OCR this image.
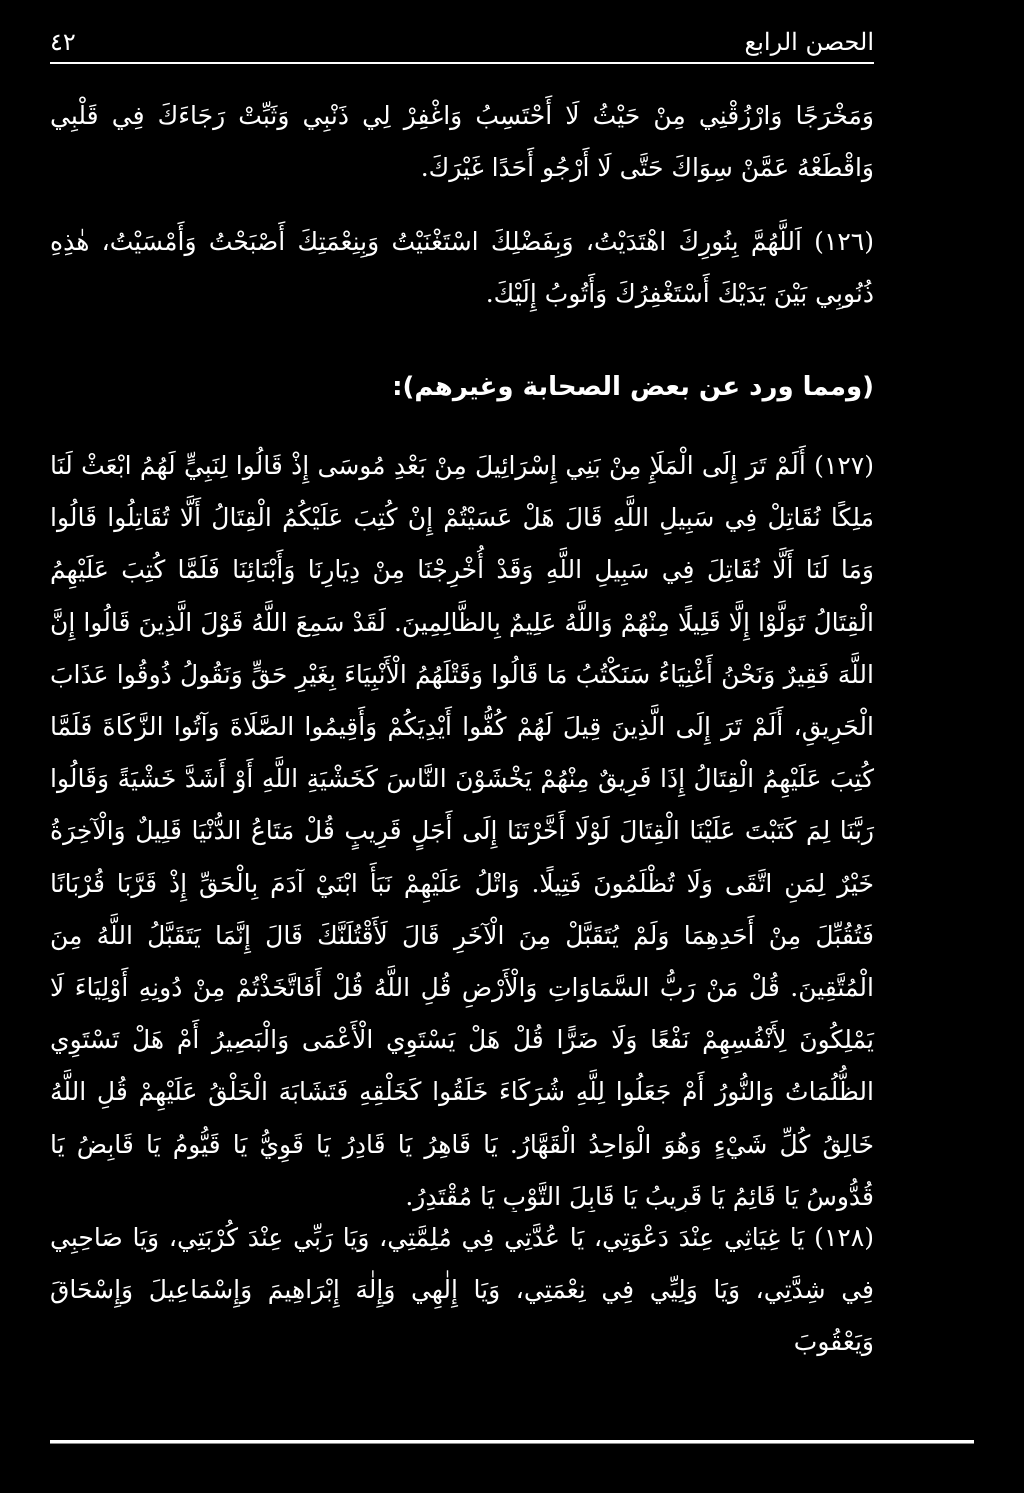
الحصن الرابع
٤٢
وَمَخْرَجًا وَارْزُقْنِي مِنْ حَيْثُ لَا أَحْتَسِبُ وَاغْفِرْ لِي ذَنْبِي وَثَبِّتْ رَجَاءَكَ فِي قَلْبِي وَاقْطَعْهُ عَمَّنْ سِوَاكَ حَتَّى لَا أَرْجُو أَحَدًا غَيْرَكَ.
(١٢٦) اَللَّهُمَّ بِنُورِكَ اهْتَدَيْتُ، وَبِفَضْلِكَ اسْتَغْنَيْتُ وَبِنِعْمَتِكَ أَصْبَحْتُ وَأَمْسَيْتُ، هٰذِهِ ذُنُوبِي بَيْنَ يَدَيْكَ أَسْتَغْفِرُكَ وَأَتُوبُ إِلَيْكَ.
(ومما ورد عن بعض الصحابة وغيرهم):
(١٢٧) أَلَمْ تَرَ إِلَى الْمَلَإِ مِنْ بَنِي إِسْرَائِيلَ مِنْ بَعْدِ مُوسَى إِذْ قَالُوا لِنَبِيٍّ لَهُمُ ابْعَثْ لَنَا مَلِكًا نُقَاتِلْ فِي سَبِيلِ اللَّهِ قَالَ هَلْ عَسَيْتُمْ إِنْ كُتِبَ عَلَيْكُمُ الْقِتَالُ أَلَّا تُقَاتِلُوا قَالُوا وَمَا لَنَا أَلَّا نُقَاتِلَ فِي سَبِيلِ اللَّهِ وَقَدْ أُخْرِجْنَا مِنْ دِيَارِنَا وَأَبْنَائِنَا فَلَمَّا كُتِبَ عَلَيْهِمُ الْقِتَالُ تَوَلَّوْا إِلَّا قَلِيلًا مِنْهُمْ وَاللَّهُ عَلِيمٌ بِالظَّالِمِينَ. لَقَدْ سَمِعَ اللَّهُ قَوْلَ الَّذِينَ قَالُوا إِنَّ اللَّهَ فَقِيرٌ وَنَحْنُ أَغْنِيَاءُ سَنَكْتُبُ مَا قَالُوا وَقَتْلَهُمُ الْأَنْبِيَاءَ بِغَيْرِ حَقٍّ وَنَقُولُ ذُوقُوا عَذَابَ الْحَرِيقِ، أَلَمْ تَرَ إِلَى الَّذِينَ قِيلَ لَهُمْ كُفُّوا أَيْدِيَكُمْ وَأَقِيمُوا الصَّلَاةَ وَآتُوا الزَّكَاةَ فَلَمَّا كُتِبَ عَلَيْهِمُ الْقِتَالُ إِذَا فَرِيقٌ مِنْهُمْ يَخْشَوْنَ النَّاسَ كَخَشْيَةِ اللَّهِ أَوْ أَشَدَّ خَشْيَةً وَقَالُوا رَبَّنَا لِمَ كَتَبْتَ عَلَيْنَا الْقِتَالَ لَوْلَا أَخَّرْتَنَا إِلَى أَجَلٍ قَرِيبٍ قُلْ مَتَاعُ الدُّنْيَا قَلِيلٌ وَالْآخِرَةُ خَيْرٌ لِمَنِ اتَّقَى وَلَا تُظْلَمُونَ فَتِيلًا. وَاتْلُ عَلَيْهِمْ نَبَأَ ابْنَيْ آدَمَ بِالْحَقِّ إِذْ قَرَّبَا قُرْبَانًا فَتُقُبِّلَ مِنْ أَحَدِهِمَا وَلَمْ يُتَقَبَّلْ مِنَ الْآخَرِ قَالَ لَأَقْتُلَنَّكَ قَالَ إِنَّمَا يَتَقَبَّلُ اللَّهُ مِنَ الْمُتَّقِينَ. قُلْ مَنْ رَبُّ السَّمَاوَاتِ وَالْأَرْضِ قُلِ اللَّهُ قُلْ أَفَاتَّخَذْتُمْ مِنْ دُونِهِ أَوْلِيَاءَ لَا يَمْلِكُونَ لِأَنْفُسِهِمْ نَفْعًا وَلَا ضَرًّا قُلْ هَلْ يَسْتَوِي الْأَعْمَى وَالْبَصِيرُ أَمْ هَلْ تَسْتَوِي الظُّلُمَاتُ وَالنُّورُ أَمْ جَعَلُوا لِلَّهِ شُرَكَاءَ خَلَقُوا كَخَلْقِهِ فَتَشَابَهَ الْخَلْقُ عَلَيْهِمْ قُلِ اللَّهُ خَالِقُ كُلِّ شَيْءٍ وَهُوَ الْوَاحِدُ الْقَهَّارُ. يَا قَاهِرُ يَا قَادِرُ يَا قَوِيُّ يَا قَيُّومُ يَا قَابِضُ يَا قُدُّوسُ يَا قَائِمُ يَا قَرِيبُ يَا قَابِلَ التَّوْبِ يَا مُقْتَدِرُ.
(١٢٨) يَا غِيَاثِي عِنْدَ دَعْوَتِي، يَا عُدَّتِي فِي مُلِمَّتِي، وَيَا رَبِّي عِنْدَ كُرْبَتِي، وَيَا صَاحِبِي فِي شِدَّتِي، وَيَا وَلِيِّي فِي نِعْمَتِي، وَيَا إِلٰهِي وَإِلٰهَ إِبْرَاهِيمَ وَإِسْمَاعِيلَ وَإِسْحَاقَ وَيَعْقُوبَ
